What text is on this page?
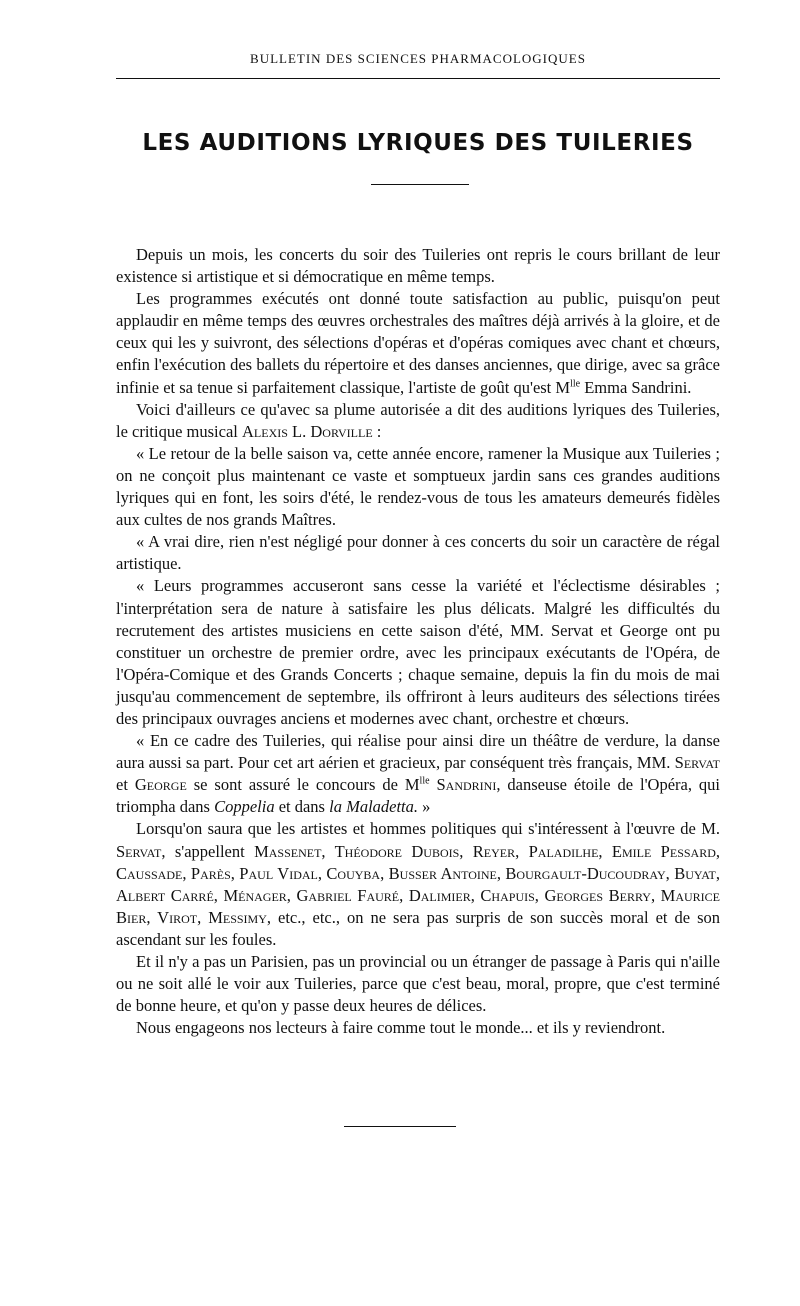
BULLETIN DES SCIENCES PHARMACOLOGIQUES
LES AUDITIONS LYRIQUES DES TUILERIES

Depuis un mois, les concerts du soir des Tuileries ont repris le cours brillant de leur existence si artistique et si démocratique en même temps.

Les programmes exécutés ont donné toute satisfaction au public, puisqu'on peut applaudir en même temps des œuvres orchestrales des maîtres déjà arrivés à la gloire, et de ceux qui les y suivront, des sélections d'opéras et d'opéras comiques avec chant et chœurs, enfin l'exécution des ballets du répertoire et des danses anciennes, que dirige, avec sa grâce infinie et sa tenue si parfaitement classique, l'artiste de goût qu'est $M^{lle}$ Emma Sandrini.

Voici d'ailleurs ce qu'avec sa plume autorisée a dit des auditions lyriques des Tuileries, le critique musical Alexis L. Dorville :

« Le retour de la belle saison va, cette année encore, ramener la Musique aux Tuileries ; on ne conçoit plus maintenant ce vaste et somptueux jardin sans ces grandes auditions lyriques qui en font, les soirs d'été, le rendez-vous de tous les amateurs demeurés fidèles aux cultes de nos grands Maîtres.

« A vrai dire, rien n'est négligé pour donner à ces concerts du soir un caractère de régal artistique.

« Leurs programmes accuseront sans cesse la variété et l'éclectisme désirables ; l'interprétation sera de nature à satisfaire les plus délicats. Malgré les difficultés du recrutement des artistes musiciens en cette saison d'été, MM. Servat et George ont pu constituer un orchestre de premier ordre, avec les principaux exécutants de l'Opéra, de l'Opéra-Comique et des Grands Concerts ; chaque semaine, depuis la fin du mois de mai jusqu'au commencement de septembre, ils offriront à leurs auditeurs des sélections tirées des principaux ouvrages anciens et modernes avec chant, orchestre et chœurs.

« En ce cadre des Tuileries, qui réalise pour ainsi dire un théâtre de verdure, la danse aura aussi sa part. Pour cet art aérien et gracieux, par conséquent très français, MM. Servat et George se sont assuré le concours de $M^{lle}$ Sandrini, danseuse étoile de l'Opéra, qui triompha dans Coppelia et dans la Maladetta. »

Lorsqu'on saura que les artistes et hommes politiques qui s'intéressent à l'œuvre de M. Servat, s'appellent Massenet, Théodore Dubois, Reyer, Paladilhe, Emile Pessard, Caussade, Parès, Paul Vidal, Couyba, Busser Antoine, Bourgault-Ducoudray, Buyat, Albert Carré, Ménager, Gabriel Fauré, Dalimier, Chapuis, Georges Berry, Maurice Bier, Virot, Messimy, etc., etc., on ne sera pas surpris de son succès moral et de son ascendant sur les foules.

Et il n'y a pas un Parisien, pas un provincial ou un étranger de passage à Paris qui n'aille ou ne soit allé le voir aux Tuileries, parce que c'est beau, moral, propre, que c'est terminé de bonne heure, et qu'on y passe deux heures de délices.

Nous engageons nos lecteurs à faire comme tout le monde... et ils y reviendront.
